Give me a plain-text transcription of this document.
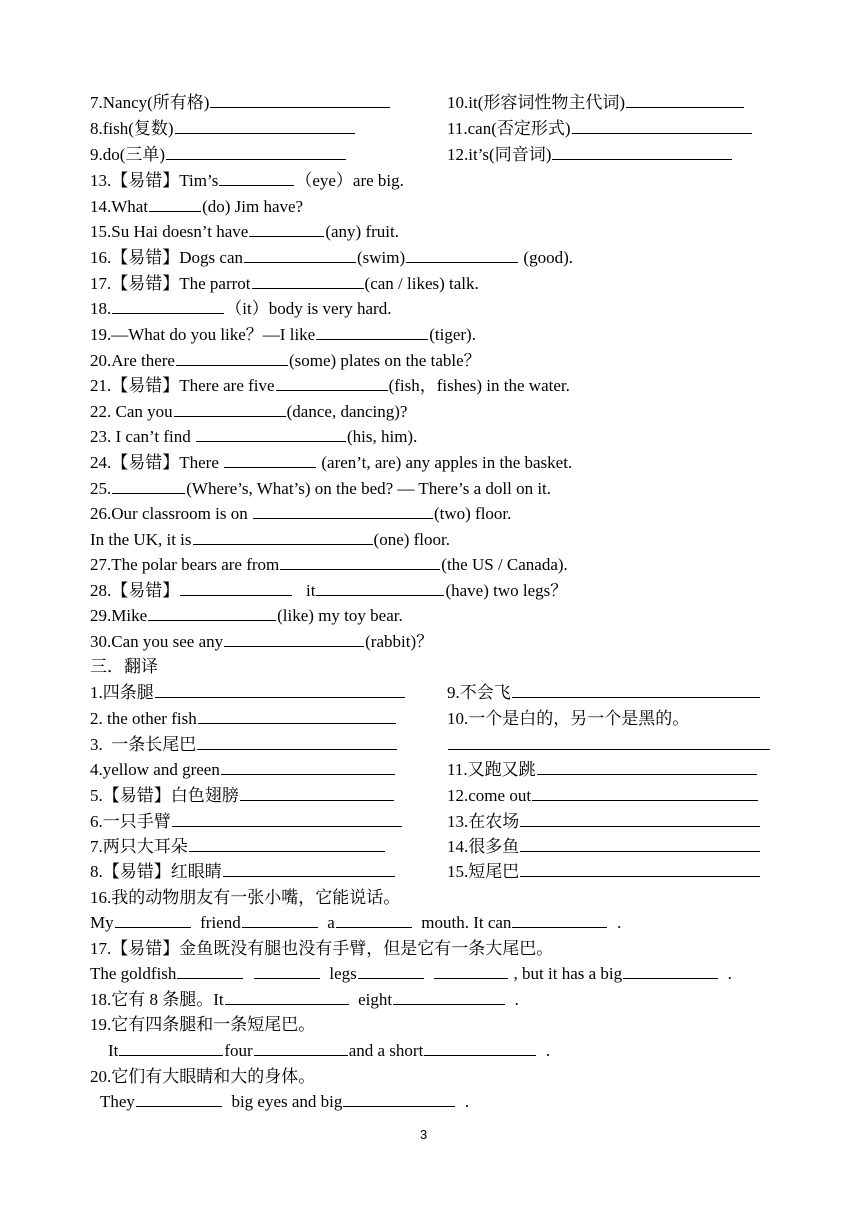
7.Nancy(所有格)	10.it(形容词性物主代词)
8.fish(复数)	11.can(否定形式)
9.do(三单)	12.it’s(同音词)
13.【易错】Tim’s	（eye）are big.
14.What	(do) Jim have?
15.Su Hai doesn’t have	(any) fruit.
16.【易错】Dogs can	(swim)	(good).
17.【易错】The parrot	(can / likes) talk.
18.	（it）body is very hard.
19.—What do you like？—I like	(tiger).
20.Are there	(some) plates on the table？
21.【易错】There are five	(fish，fishes) in the water.
22. Can you	(dance, dancing)?
23. I can’t find	(his, him).
24.【易错】There	(aren’t, are) any apples in the basket.
25.	(Where’s, What’s) on the bed? — There’s a doll on it.
26.Our classroom is on	(two) floor.
In the UK, it is	(one) floor.
27.The polar bears are from	(the US / Canada).
28.【易错】	it	(have) two legs？
29.Mike	(like) my toy bear.
30.Can you see any	(rabbit)？
三．翻译
1.四条腿	9.不会飞
2. the other fish	10.一个是白的，另一个是黑的。
3.  一条长尾巴
4.yellow and green	11.又跑又跳
5.【易错】白色翅膀	12.come out
6.一只手臂	13.在农场
7.两只大耳朵	14.很多鱼
8.【易错】红眼睛	15.短尾巴
16.我的动物朋友有一张小嘴，它能说话。
My	friend	a	mouth. It can	.
17.【易错】金鱼既没有腿也没有手臂，但是它有一条大尾巴。
The goldfish	legs	, but it has a big	.
18.它有 8 条腿。It	eight	.
19.它有四条腿和一条短尾巴。
It	four	and a short	.
20.它们有大眼睛和大的身体。
They	big eyes and big	.
3
